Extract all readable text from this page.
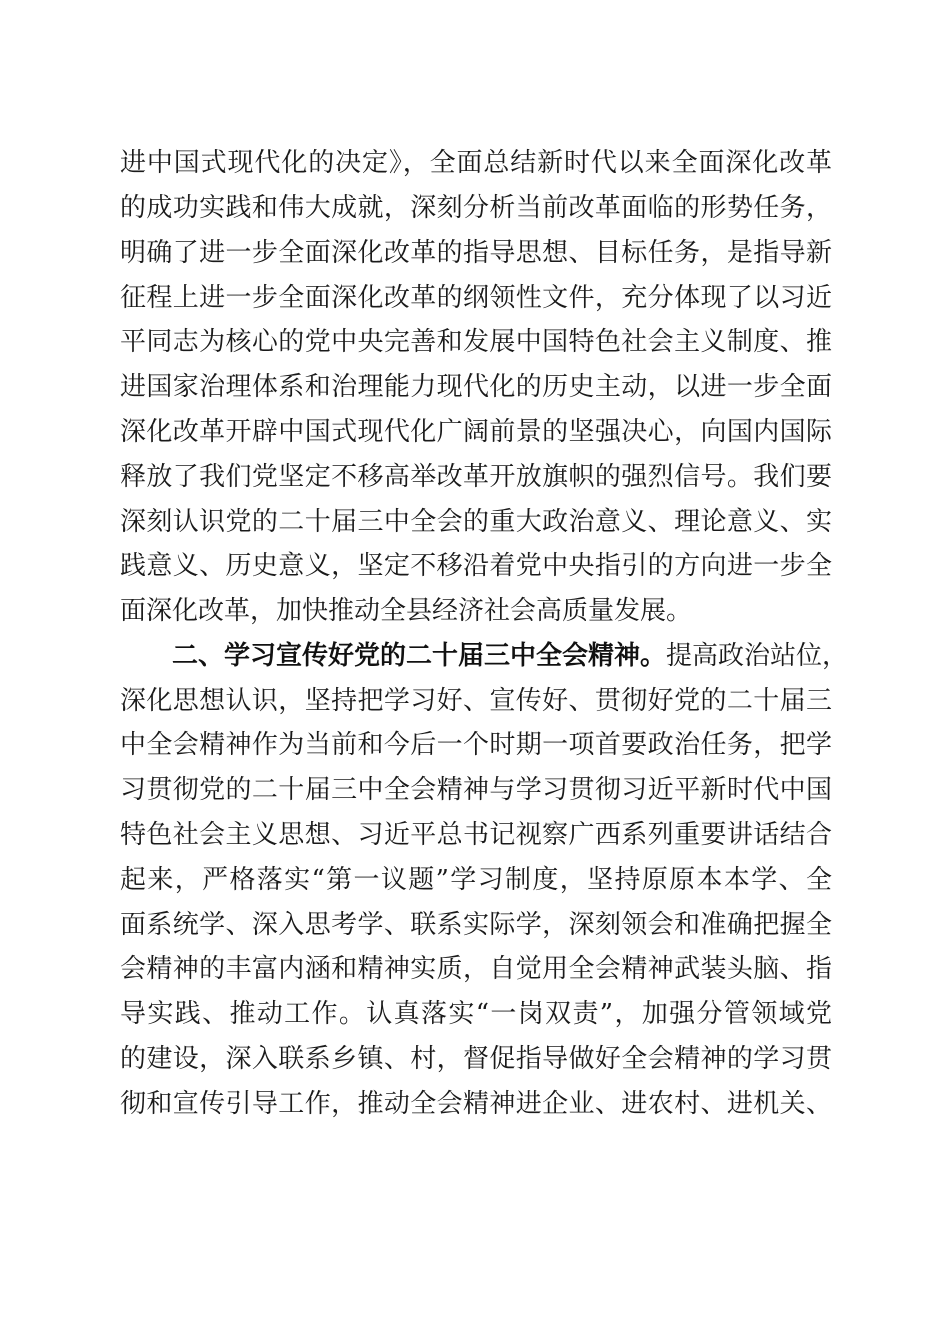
进中国式现代化的决定》，全面总结新时代以来全面深化改革
的成功实践和伟大成就，深刻分析当前改革面临的形势任务，
明确了进一步全面深化改革的指导思想、目标任务，是指导新
征程上进一步全面深化改革的纲领性文件，充分体现了以习近
平同志为核心的党中央完善和发展中国特色社会主义制度、推
进国家治理体系和治理能力现代化的历史主动，以进一步全面
深化改革开辟中国式现代化广阔前景的坚强决心，向国内国际
释放了我们党坚定不移高举改革开放旗帜的强烈信号。我们要
深刻认识党的二十届三中全会的重大政治意义、理论意义、实
践意义、历史意义，坚定不移沿着党中央指引的方向进一步全
面深化改革，加快推动全县经济社会高质量发展。
二、学习宣传好党的二十届三中全会精神。提高政治站位，
深化思想认识，坚持把学习好、宣传好、贯彻好党的二十届三
中全会精神作为当前和今后一个时期一项首要政治任务，把学
习贯彻党的二十届三中全会精神与学习贯彻习近平新时代中国
特色社会主义思想、习近平总书记视察广西系列重要讲话结合
起来，严格落实“第一议题”学习制度，坚持原原本本学、全
面系统学、深入思考学、联系实际学，深刻领会和准确把握全
会精神的丰富内涵和精神实质，自觉用全会精神武装头脑、指
导实践、推动工作。认真落实“一岗双责”，加强分管领域党
的建设，深入联系乡镇、村，督促指导做好全会精神的学习贯
彻和宣传引导工作，推动全会精神进企业、进农村、进机关、
